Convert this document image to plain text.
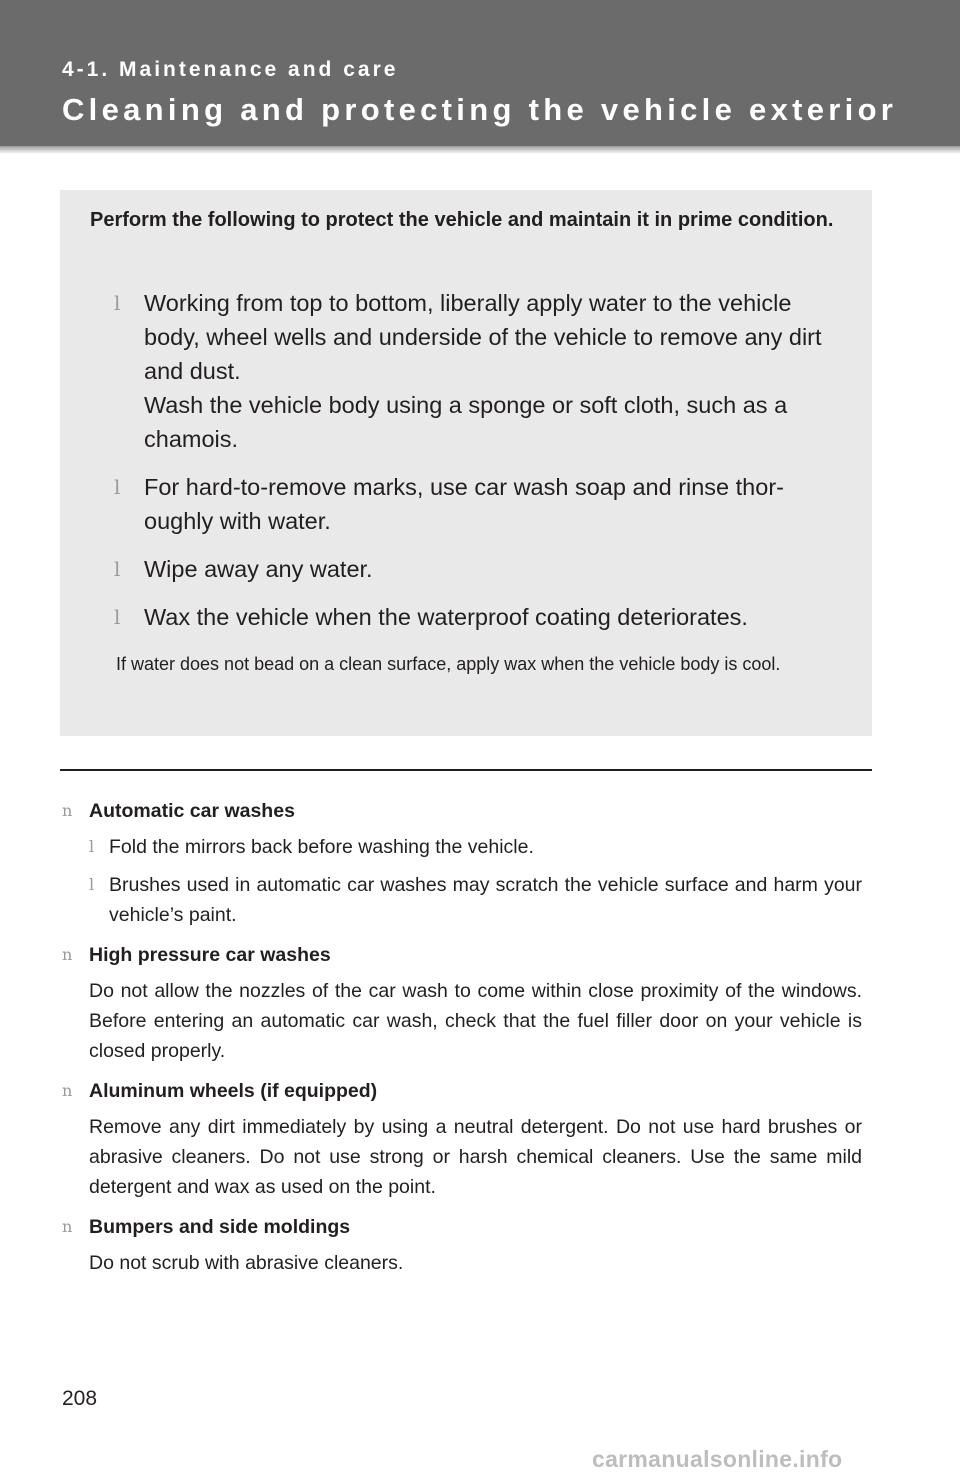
4-1. Maintenance and care
Cleaning and protecting the vehicle exterior
Perform the following to protect the vehicle and maintain it in prime condition.
l Working from top to bottom, liberally apply water to the vehicle body, wheel wells and underside of the vehicle to remove any dirt and dust.

Wash the vehicle body using a sponge or soft cloth, such as a chamois.

l For hard-to-remove marks, use car wash soap and rinse thor-oughly with water.

l Wipe away any water.

l Wax the vehicle when the waterproof coating deteriorates.

If water does not bead on a clean surface, apply wax when the vehicle body is cool.
n Automatic car washes
l Fold the mirrors back before washing the vehicle.
l Brushes used in automatic car washes may scratch the vehicle surface and harm your vehicle’s paint.
n High pressure car washes

Do not allow the nozzles of the car wash to come within close proximity of the windows. Before entering an automatic car wash, check that the fuel filler door on your vehicle is closed properly.

n Aluminum wheels (if equipped)

Remove any dirt immediately by using a neutral detergent. Do not use hard brushes or abrasive cleaners. Do not use strong or harsh chemical cleaners. Use the same mild detergent and wax as used on the point.

n Bumpers and side moldings

Do not scrub with abrasive cleaners.

208
carmanualsonline.info
